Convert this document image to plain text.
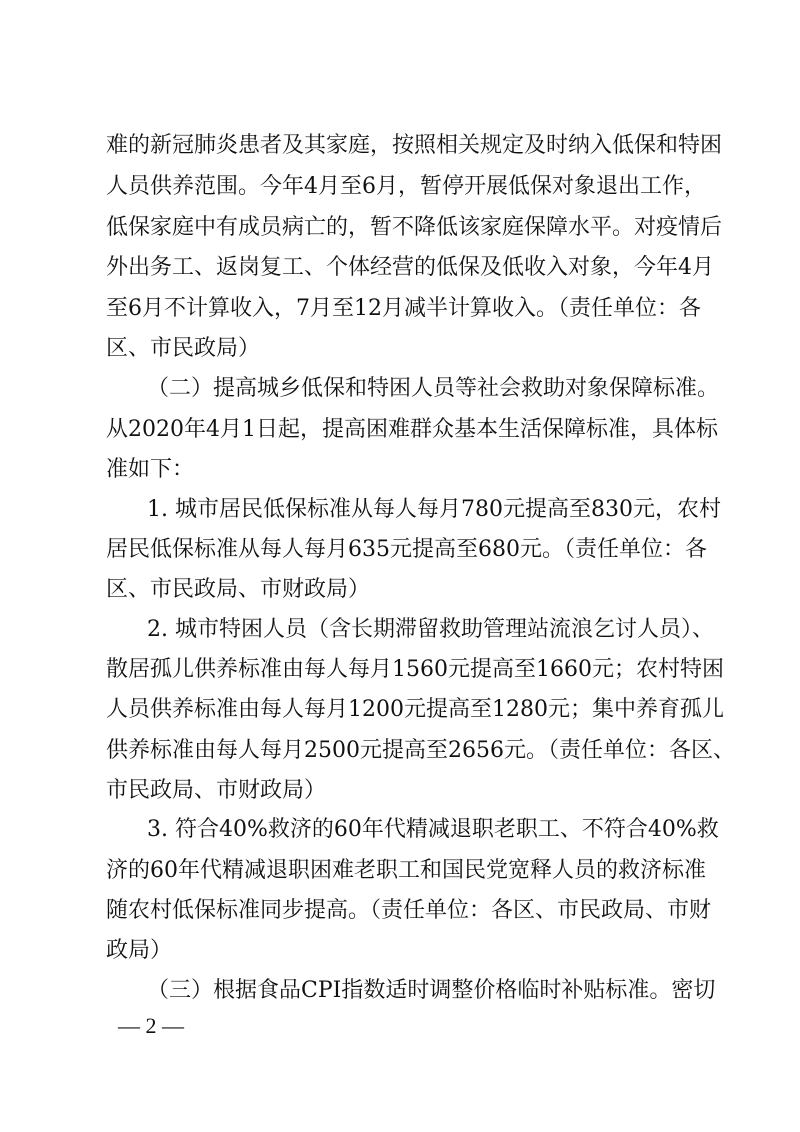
难的新冠肺炎患者及其家庭，按照相关规定及时纳入低保和特困
人员供养范围。今年4月至6月，暂停开展低保对象退出工作，
低保家庭中有成员病亡的，暂不降低该家庭保障水平。对疫情后
外出务工、返岗复工、个体经营的低保及低收入对象，今年4月
至6月不计算收入，7月至12月减半计算收入。（责任单位：各
区、市民政局）
（二）提高城乡低保和特困人员等社会救助对象保障标准。
从2020年4月1日起，提高困难群众基本生活保障标准，具体标
准如下：
1. 城市居民低保标准从每人每月780元提高至830元，农村
居民低保标准从每人每月635元提高至680元。（责任单位：各
区、市民政局、市财政局）
2. 城市特困人员（含长期滞留救助管理站流浪乞讨人员）、
散居孤儿供养标准由每人每月1560元提高至1660元；农村特困
人员供养标准由每人每月1200元提高至1280元；集中养育孤儿
供养标准由每人每月2500元提高至2656元。（责任单位：各区、
市民政局、市财政局）
3. 符合40%救济的60年代精减退职老职工、不符合40%救
济的60年代精减退职困难老职工和国民党宽释人员的救济标准
随农村低保标准同步提高。（责任单位：各区、市民政局、市财
政局）
（三）根据食品CPI指数适时调整价格临时补贴标准。密切
— 2 —
